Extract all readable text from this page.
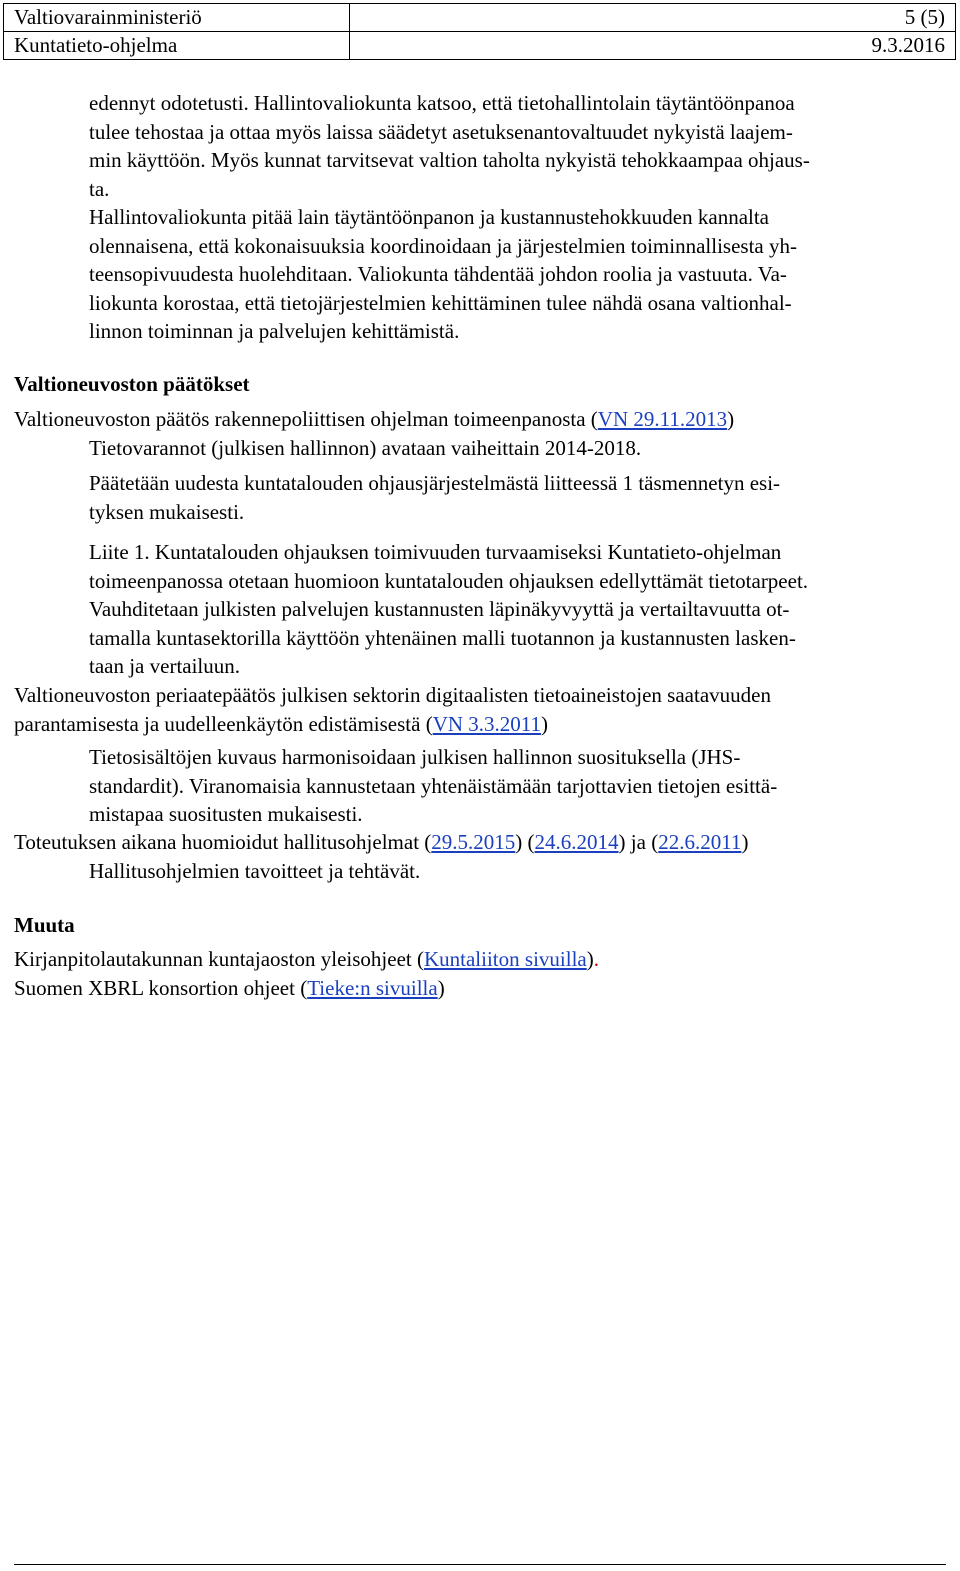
Valtiovarainministeriö	5 (5)
Kuntatieto-ohjelma	9.3.2016
edennyt odotetusti. Hallintovaliokunta katsoo, että tietohallintolain täytäntöönpanoa
tulee tehostaa ja ottaa myös laissa säädetyt asetuksenantovaltuudet nykyistä laajem-
min käyttöön. Myös kunnat tarvitsevat valtion taholta nykyistä tehokkaampaa ohjaus-
ta.
Hallintovaliokunta pitää lain täytäntöönpanon ja kustannustehokkuuden kannalta
olennaisena, että kokonaisuuksia koordinoidaan ja järjestelmien toiminnallisesta yh-
teensopivuudesta huolehditaan. Valiokunta tähdentää johdon roolia ja vastuuta. Va-
liokunta korostaa, että tietojärjestelmien kehittäminen tulee nähdä osana valtionhal-
linnon toiminnan ja palvelujen kehittämistä.
Valtioneuvoston päätökset
Valtioneuvoston päätös rakennepoliittisen ohjelman toimeenpanosta (VN 29.11.2013)
Tietovarannot (julkisen hallinnon) avataan vaiheittain 2014-2018.
Päätetään uudesta kuntatalouden ohjausjärjestelmästä liitteessä 1 täsmennetyn esi-
tyksen mukaisesti.
Liite 1. Kuntatalouden ohjauksen toimivuuden turvaamiseksi Kuntatieto-ohjelman
toimeenpanossa otetaan huomioon kuntatalouden ohjauksen edellyttämät tietotarpeet.
Vauhditetaan julkisten palvelujen kustannusten läpinäkyvyyttä ja vertailtavuutta ot-
tamalla kuntasektorilla käyttöön yhtenäinen malli tuotannon ja kustannusten lasken-
taan ja vertailuun.
Valtioneuvoston periaatepäätös julkisen sektorin digitaalisten tietoaineistojen saatavuuden
parantamisesta ja uudelleenkäytön edistämisestä (VN 3.3.2011)
Tietosisältöjen kuvaus harmonisoidaan julkisen hallinnon suosituksella (JHS-
standardit). Viranomaisia kannustetaan yhtenäistämään tarjottavien tietojen esittä-
mistapaa suositusten mukaisesti.
Toteutuksen aikana huomioidut hallitusohjelmat (29.5.2015) (24.6.2014) ja (22.6.2011)
Hallitusohjelmien tavoitteet ja tehtävät.
Muuta
Kirjanpitolautakunnan kuntajaoston yleisohjeet (Kuntaliiton sivuilla).
Suomen XBRL konsortion ohjeet (Tieke:n sivuilla)
